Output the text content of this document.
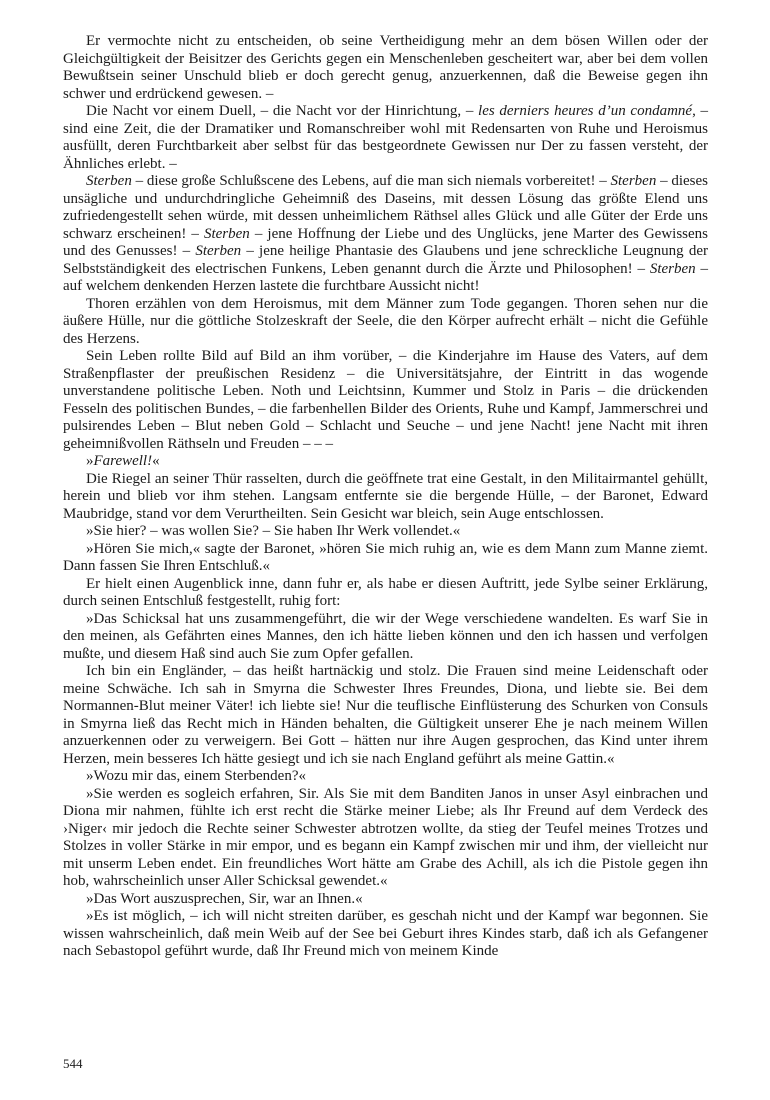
Er vermochte nicht zu entscheiden, ob seine Vertheidigung mehr an dem bösen Willen oder der Gleichgültigkeit der Beisitzer des Gerichts gegen ein Menschenleben gescheitert war, aber bei dem vollen Bewußtsein seiner Unschuld blieb er doch gerecht genug, anzuerkennen, daß die Beweise gegen ihn schwer und erdrückend gewesen. –

Die Nacht vor einem Duell, – die Nacht vor der Hinrichtung, – les derniers heures d’un condamné, – sind eine Zeit, die der Dramatiker und Romanschreiber wohl mit Redensarten von Ruhe und Heroismus ausfüllt, deren Furchtbarkeit aber selbst für das bestgeordnete Gewissen nur Der zu fassen versteht, der Ähnliches erlebt. –

Sterben – diese große Schlußscene des Lebens, auf die man sich niemals vorbereitet! – Sterben – dieses unsägliche und undurchdringliche Geheimniß des Daseins, mit dessen Lösung das größte Elend uns zufriedengestellt sehen würde, mit dessen unheimlichem Räthsel alles Glück und alle Güter der Erde uns schwarz erscheinen! – Sterben – jene Hoffnung der Liebe und des Unglücks, jene Marter des Gewissens und des Genusses! – Sterben – jene heilige Phantasie des Glaubens und jene schreckliche Leugnung der Selbstständigkeit des electrischen Funkens, Leben genannt durch die Ärzte und Philosophen! – Sterben – auf welchem denkenden Herzen lastete die furchtbare Aussicht nicht!

Thoren erzählen von dem Heroismus, mit dem Männer zum Tode gegangen. Thoren sehen nur die äußere Hülle, nur die göttliche Stolzeskraft der Seele, die den Körper aufrecht erhält – nicht die Gefühle des Herzens.

Sein Leben rollte Bild auf Bild an ihm vorüber, – die Kinderjahre im Hause des Vaters, auf dem Straßenpflaster der preußischen Residenz – die Universitätsjahre, der Eintritt in das wogende unverstandene politische Leben. Noth und Leichtsinn, Kummer und Stolz in Paris – die drückenden Fesseln des politischen Bundes, – die farbenhellen Bilder des Orients, Ruhe und Kampf, Jammerschrei und pulsirendes Leben – Blut neben Gold – Schlacht und Seuche – und jene Nacht! jene Nacht mit ihren geheimnißvollen Räthseln und Freuden – – –

»Farewell!«

Die Riegel an seiner Thür rasselten, durch die geöffnete trat eine Gestalt, in den Militairmantel gehüllt, herein und blieb vor ihm stehen. Langsam entfernte sie die bergende Hülle, – der Baronet, Edward Maubridge, stand vor dem Verurtheilten. Sein Gesicht war bleich, sein Auge entschlossen.

»Sie hier? – was wollen Sie? – Sie haben Ihr Werk vollendet.«

»Hören Sie mich,« sagte der Baronet, »hören Sie mich ruhig an, wie es dem Mann zum Manne ziemt. Dann fassen Sie Ihren Entschluß.«

Er hielt einen Augenblick inne, dann fuhr er, als habe er diesen Auftritt, jede Sylbe seiner Erklärung, durch seinen Entschluß festgestellt, ruhig fort:

»Das Schicksal hat uns zusammengeführt, die wir der Wege verschiedene wandelten. Es warf Sie in den meinen, als Gefährten eines Mannes, den ich hätte lieben können und den ich hassen und verfolgen mußte, und diesem Haß sind auch Sie zum Opfer gefallen.

Ich bin ein Engländer, – das heißt hartnäckig und stolz. Die Frauen sind meine Leidenschaft oder meine Schwäche. Ich sah in Smyrna die Schwester Ihres Freundes, Diona, und liebte sie. Bei dem Normannen-Blut meiner Väter! ich liebte sie! Nur die teuflische Einflüsterung des Schurken von Consuls in Smyrna ließ das Recht mich in Händen behalten, die Gültigkeit unserer Ehe je nach meinem Willen anzuerkennen oder zu verweigern. Bei Gott – hätten nur ihre Augen gesprochen, das Kind unter ihrem Herzen, mein besseres Ich hätte gesiegt und ich sie nach England geführt als meine Gattin.«

»Wozu mir das, einem Sterbenden?«

»Sie werden es sogleich erfahren, Sir. Als Sie mit dem Banditen Janos in unser Asyl einbrachen und Diona mir nahmen, fühlte ich erst recht die Stärke meiner Liebe; als Ihr Freund auf dem Verdeck des ›Niger‹ mir jedoch die Rechte seiner Schwester abtrotzen wollte, da stieg der Teufel meines Trotzes und Stolzes in voller Stärke in mir empor, und es begann ein Kampf zwischen mir und ihm, der vielleicht nur mit unserm Leben endet. Ein freundliches Wort hätte am Grabe des Achill, als ich die Pistole gegen ihn hob, wahrscheinlich unser Aller Schicksal gewendet.«

»Das Wort auszusprechen, Sir, war an Ihnen.«

»Es ist möglich, – ich will nicht streiten darüber, es geschah nicht und der Kampf war begonnen. Sie wissen wahrscheinlich, daß mein Weib auf der See bei Geburt ihres Kindes starb, daß ich als Gefangener nach Sebastopol geführt wurde, daß Ihr Freund mich von meinem Kinde

544
